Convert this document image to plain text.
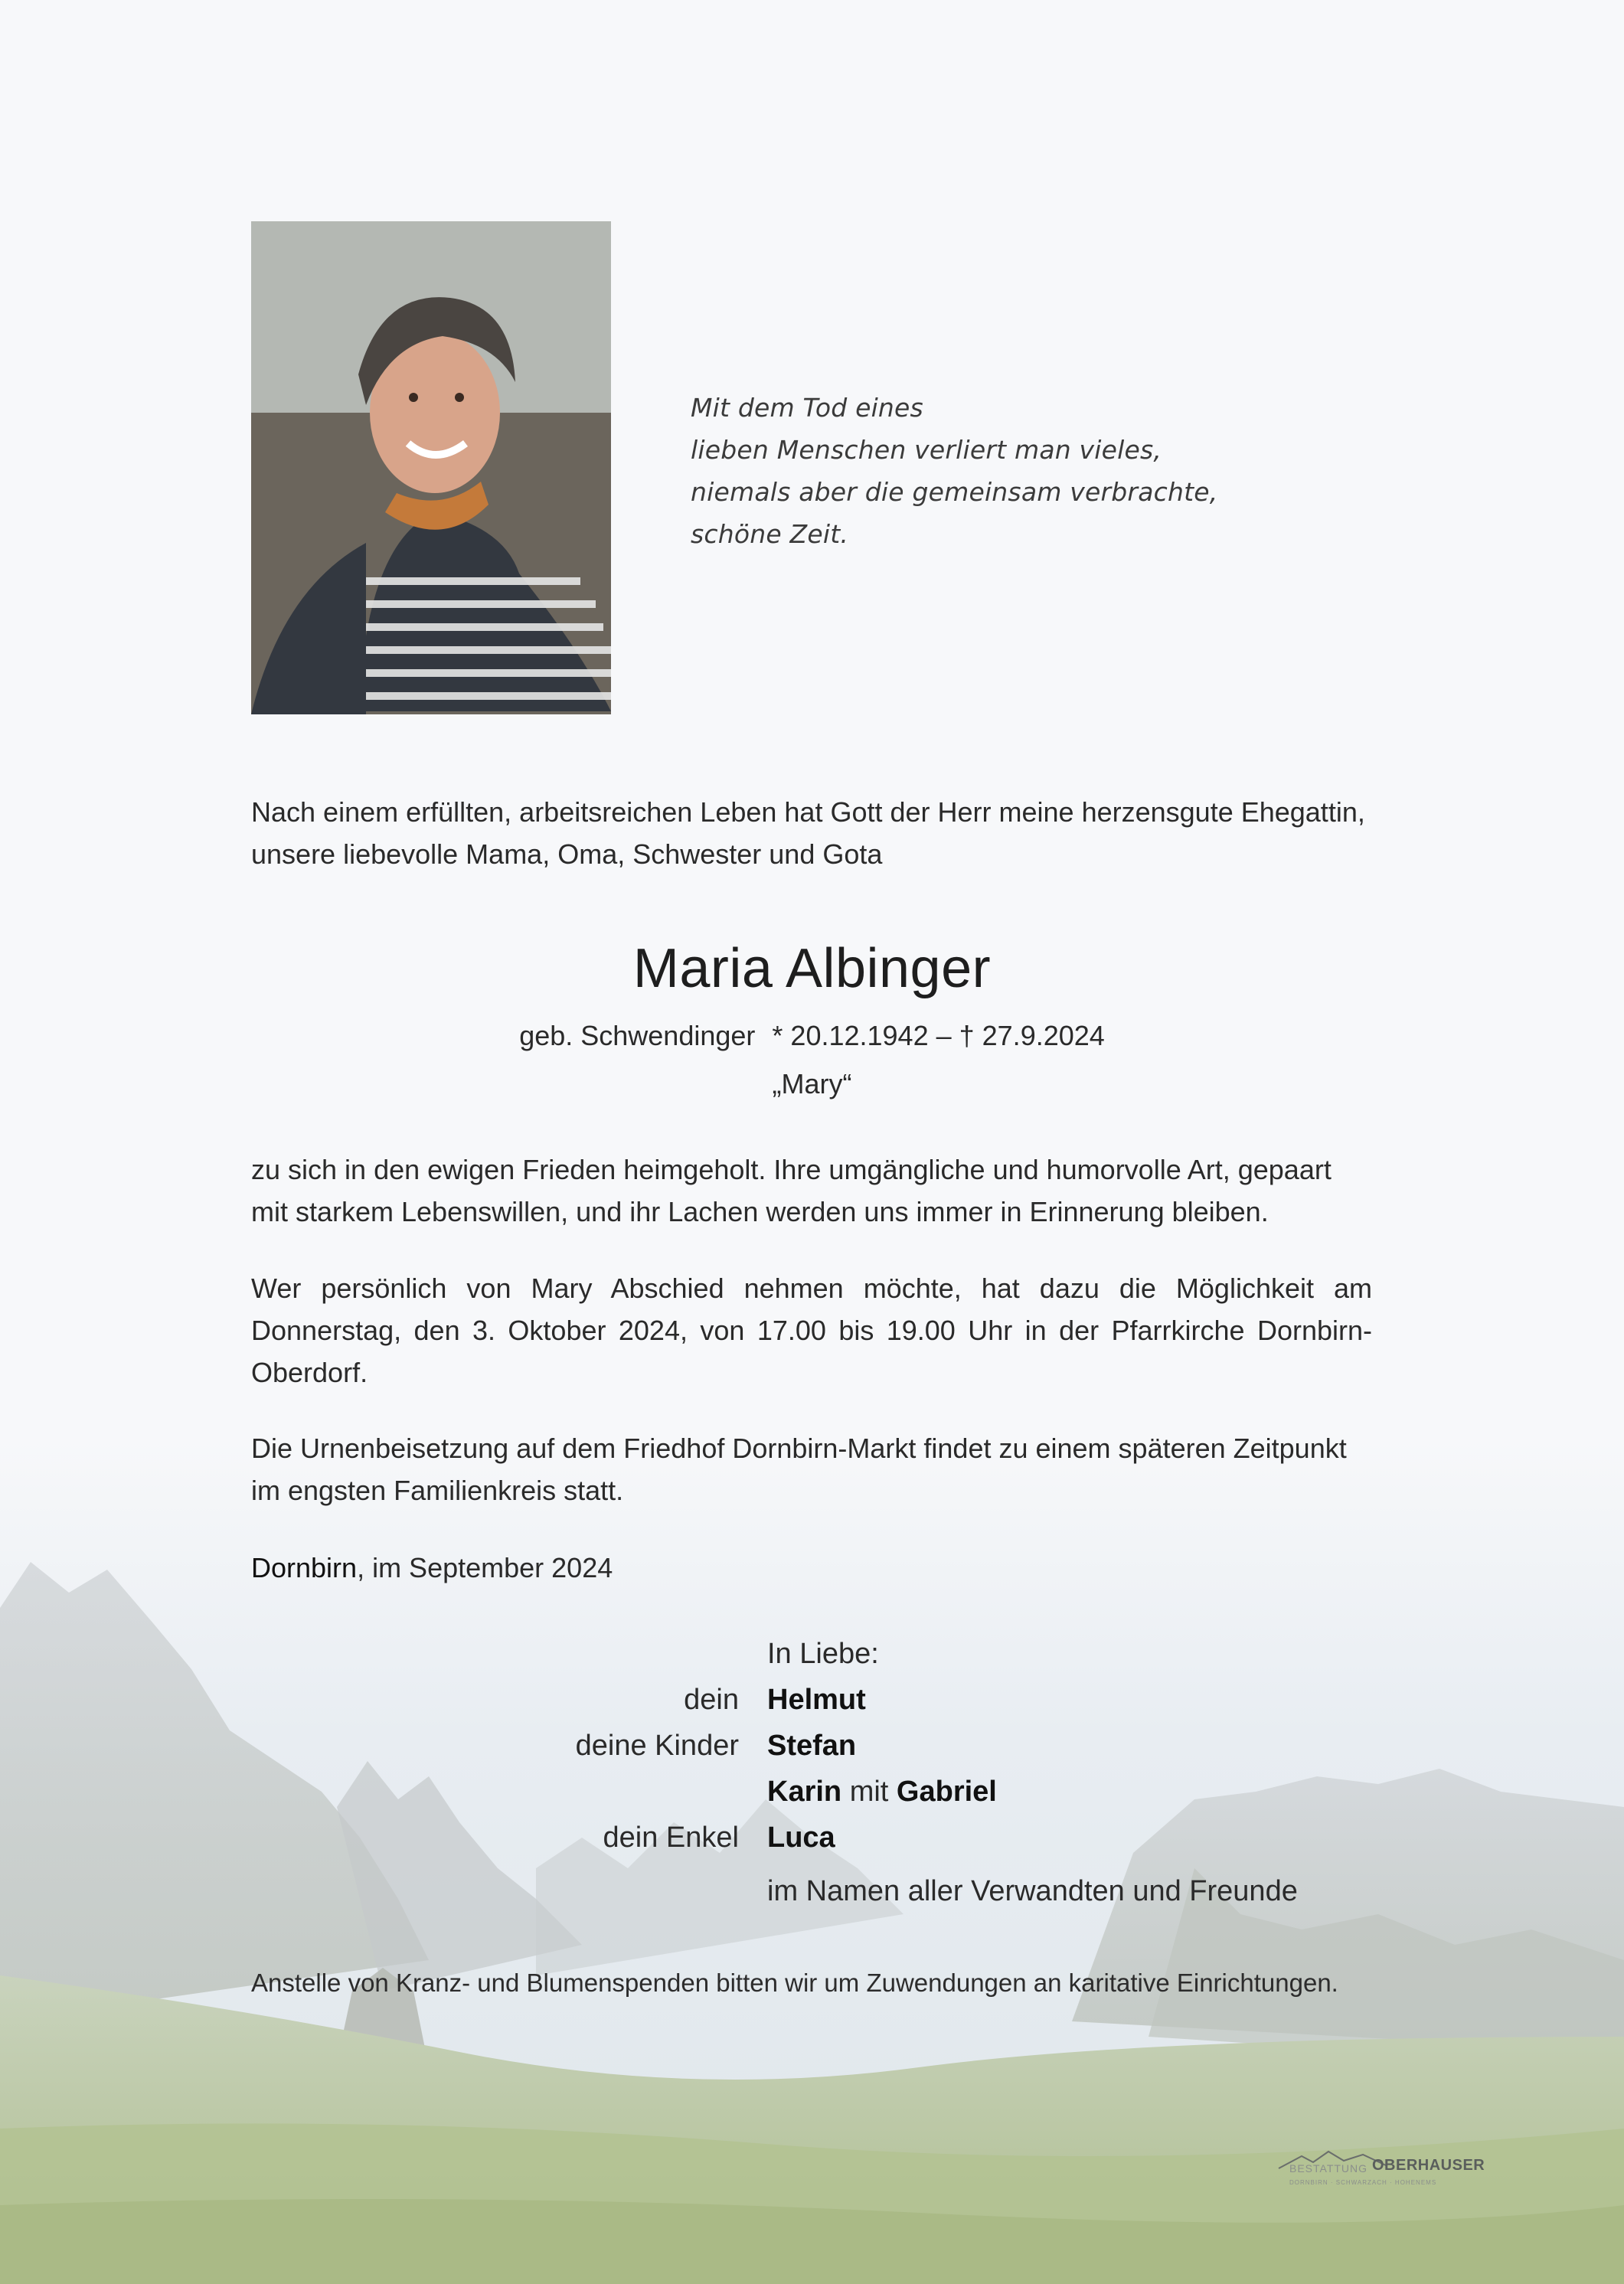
Mit dem Tod eines
lieben Menschen verliert man vieles,
niemals aber die gemeinsam verbrachte,
schöne Zeit.
Nach einem erfüllten, arbeitsreichen Leben hat Gott der Herr meine herzensgute Ehegattin, unsere liebevolle Mama, Oma, Schwester und Gota
Maria Albinger
geb. Schwendinger * 20.12.1942 – † 27.9.2024
„Mary“
zu sich in den ewigen Frieden heimgeholt. Ihre umgängliche und humorvolle Art, gepaart mit starkem Lebenswillen, und ihr Lachen werden uns immer in Erinnerung bleiben.
Wer persönlich von Mary Abschied nehmen möchte, hat dazu die Möglichkeit am Donnerstag, den 3. Oktober 2024, von 17.00 bis 19.00 Uhr in der Pfarrkirche Dornbirn-Oberdorf.
Die Urnenbeisetzung auf dem Friedhof Dornbirn-Markt findet zu einem späteren Zeitpunkt im engsten Familienkreis statt.
Dornbirn, im September 2024
In Liebe:
dein Helmut
deine Kinder Stefan
Karin mit Gabriel
dein Enkel Luca
im Namen aller Verwandten und Freunde
Anstelle von Kranz- und Blumenspenden bitten wir um Zuwendungen an karitative Einrichtungen.
BESTATTUNG OBERHAUSER
DORNBIRN · SCHWARZACH · HOHENEMS
